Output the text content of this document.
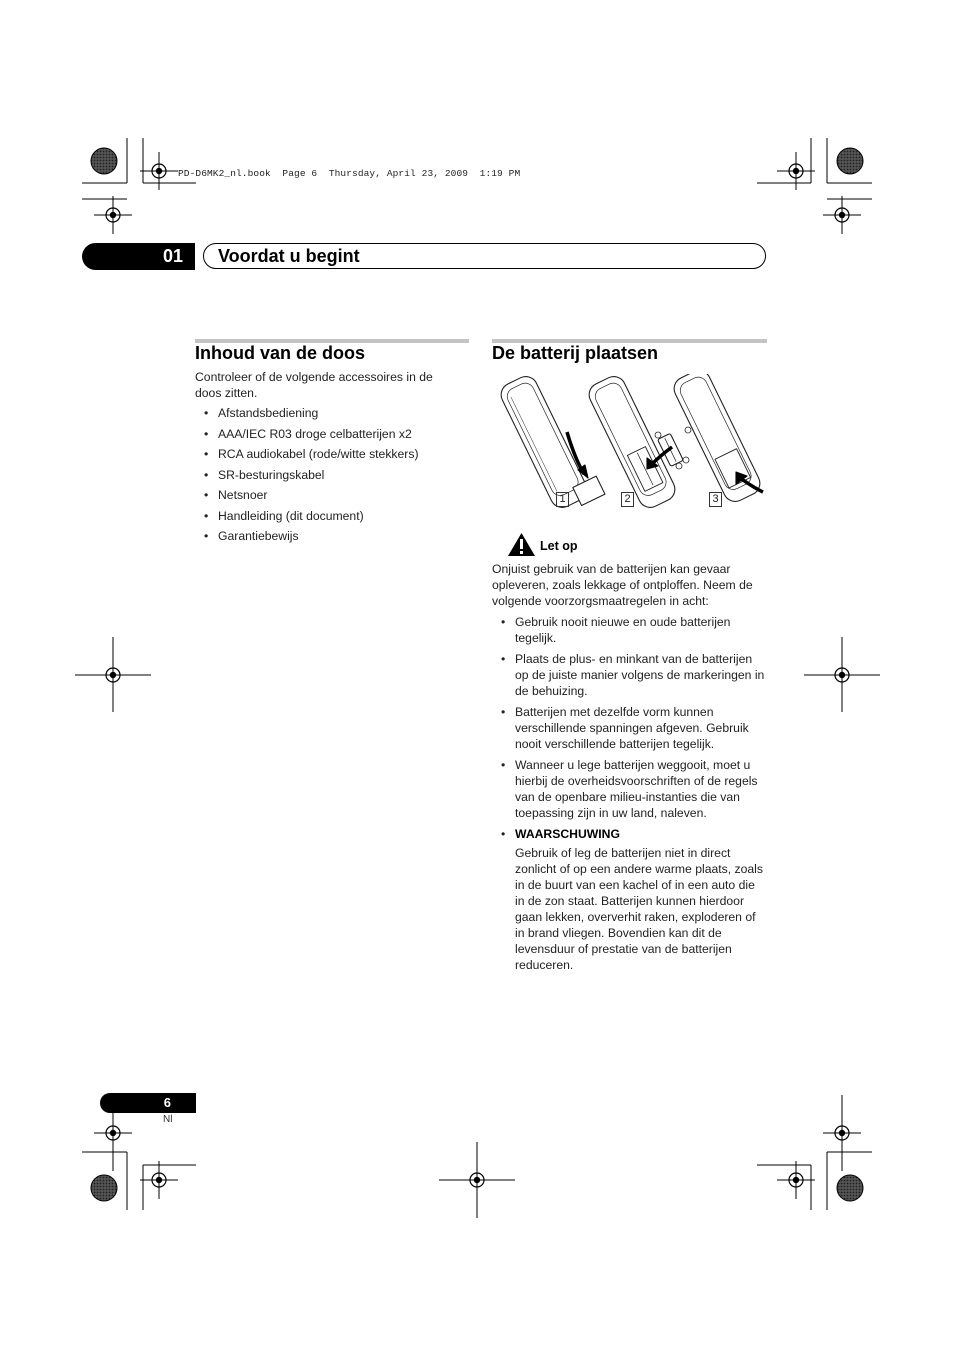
PD-D6MK2_nl.book  Page 6  Thursday, April 23, 2009  1:19 PM
01	Voordat u begint
Inhoud van de doos
Controleer of de volgende accessoires in de doos zitten.
• Afstandsbediening
• AAA/IEC R03 droge celbatterijen x2
• RCA audiokabel (rode/witte stekkers)
• SR-besturingskabel
• Netsnoer
• Handleiding (dit document)
• Garantiebewijs
De batterij plaatsen
1	2	3
Let op
Onjuist gebruik van de batterijen kan gevaar opleveren, zoals lekkage of ontploffen. Neem de volgende voorzorgsmaatregelen in acht:
• Gebruik nooit nieuwe en oude batterijen tegelijk.
• Plaats de plus- en minkant van de batterijen op de juiste manier volgens de markeringen in de behuizing.
• Batterijen met dezelfde vorm kunnen verschillende spanningen afgeven. Gebruik nooit verschillende batterijen tegelijk.
• Wanneer u lege batterijen weggooit, moet u hierbij de overheidsvoorschriften of de regels van de openbare milieu-instanties die van toepassing zijn in uw land, naleven.
• WAARSCHUWING
Gebruik of leg de batterijen niet in direct zonlicht of op een andere warme plaats, zoals in de buurt van een kachel of in een auto die in de zon staat. Batterijen kunnen hierdoor gaan lekken, oververhit raken, exploderen of in brand vliegen. Bovendien kan dit de levensduur of prestatie van de batterijen reduceren.
6
Nl
